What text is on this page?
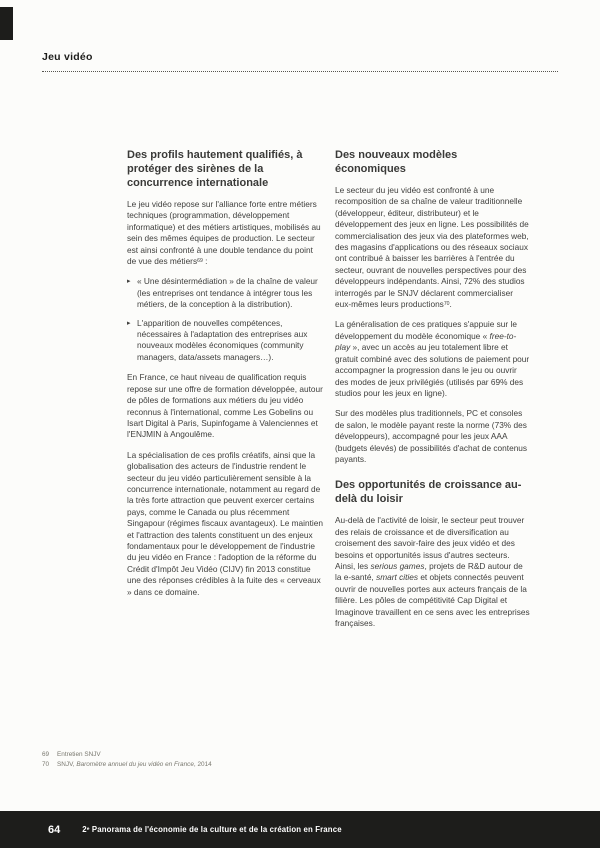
Jeu vidéo
Des profils hautement qualifiés, à protéger des sirènes de la concurrence internationale

Le jeu vidéo repose sur l'alliance forte entre métiers techniques (programmation, développement informatique) et des métiers artistiques, mobilisés au sein des mêmes équipes de production. Le secteur est ainsi confronté à une double tendance du point de vue des métiers$^{69}$ :

▸ « Une désintermédiation » de la chaîne de valeur (les entreprises ont tendance à intégrer tous les métiers, de la conception à la distribution).
▸ L'apparition de nouvelles compétences, nécessaires à l'adaptation des entreprises aux nouveaux modèles économiques (community managers, data/assets managers…).

En France, ce haut niveau de qualification requis repose sur une offre de formation développée, autour de pôles de formations aux métiers du jeu vidéo reconnus à l'international, comme Les Gobelins ou Isart Digital à Paris, Supinfogame à Valenciennes et l'ENJMIN à Angoulême.

La spécialisation de ces profils créatifs, ainsi que la globalisation des acteurs de l'industrie rendent le secteur du jeu vidéo particulièrement sensible à la concurrence internationale, notamment au regard de la très forte attraction que peuvent exercer certains pays, comme le Canada ou plus récemment Singapour (régimes fiscaux avantageux). Le maintien et l'attraction des talents constituent un des enjeux fondamentaux pour le développement de l'industrie du jeu vidéo en France : l'adoption de la réforme du Crédit d'Impôt Jeu Vidéo (CIJV) fin 2013 constitue une des réponses crédibles à la fuite des « cerveaux » dans ce domaine.

Des nouveaux modèles économiques

Le secteur du jeu vidéo est confronté à une recomposition de sa chaîne de valeur traditionnelle (développeur, éditeur, distributeur) et le développement des jeux en ligne. Les possibilités de commercialisation des jeux via des plateformes web, des magasins d'applications ou des réseaux sociaux ont contribué à baisser les barrières à l'entrée du secteur, ouvrant de nouvelles perspectives pour des développeurs indépendants. Ainsi, 72% des studios interrogés par le SNJV déclarent commercialiser eux-mêmes leurs productions$^{70}$.

La généralisation de ces pratiques s'appuie sur le développement du modèle économique « free-to-play », avec un accès au jeu totalement libre et gratuit combiné avec des solutions de paiement pour accompagner la progression dans le jeu ou ouvrir des modes de jeux privilégiés (utilisés par 69% des studios pour les jeux en ligne).

Sur des modèles plus traditionnels, PC et consoles de salon, le modèle payant reste la norme (73% des développeurs), accompagné pour les jeux AAA (budgets élevés) de possibilités d'achat de contenus payants.

Des opportunités de croissance au-delà du loisir

Au-delà de l'activité de loisir, le secteur peut trouver des relais de croissance et de diversification au croisement des savoir-faire des jeux vidéo et des besoins et opportunités issus d'autres secteurs. Ainsi, les serious games, projets de R&D autour de la e-santé, smart cities et objets connectés peuvent ouvrir de nouvelles portes aux acteurs français de la filière. Les pôles de compétitivité Cap Digital et Imaginove travaillent en ce sens avec les entreprises françaises.

69 Entretien SNJV
70 SNJV, Baromètre annuel du jeu vidéo en France, 2014
64	2e Panorama de l'économie de la culture et de la création en France
